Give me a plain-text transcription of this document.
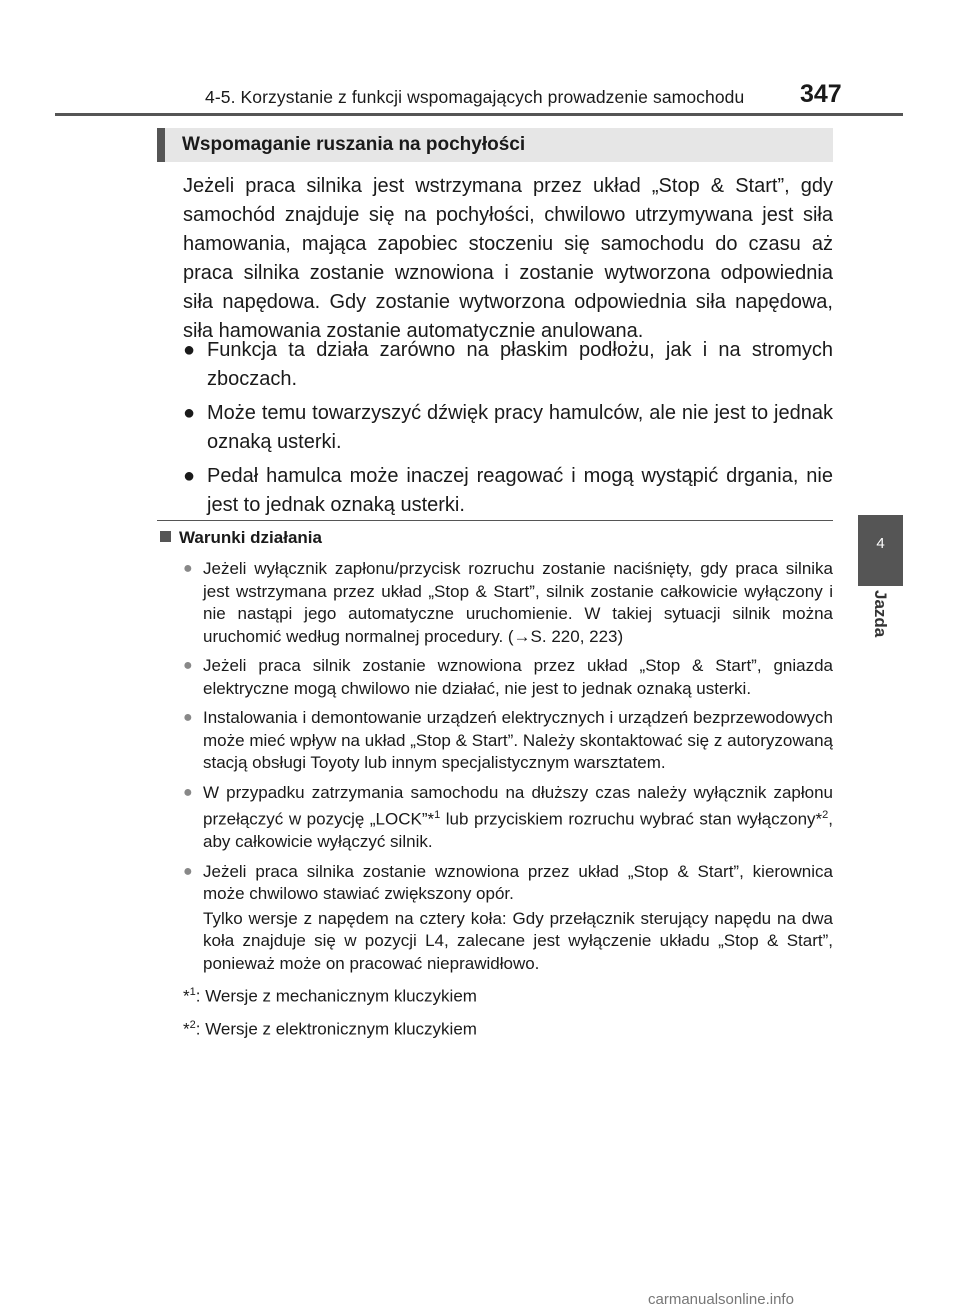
4-5. Korzystanie z funkcji wspomagających prowadzenie samochodu 347
4
Jazda
Wspomaganie ruszania na pochyłości

Jeżeli praca silnika jest wstrzymana przez układ „Stop & Start”, gdy samochód znajduje się na pochyłości, chwilowo utrzymywana jest siła hamowania, mająca zapobiec stoczeniu się samochodu do czasu aż praca silnika zostanie wznowiona i zostanie wytworzona odpowiednia siła napędowa. Gdy zostanie wytworzona odpowiednia siła napędowa, siła hamowania zostanie automatycznie anulowana.

● Funkcja ta działa zarówno na płaskim podłożu, jak i na stromych zboczach.
● Może temu towarzyszyć dźwięk pracy hamulców, ale nie jest to jednak oznaką usterki.
● Pedał hamulca może inaczej reagować i mogą wystąpić drgania, nie jest to jednak oznaką usterki.
Warunki działania
● Jeżeli wyłącznik zapłonu/przycisk rozruchu zostanie naciśnięty, gdy praca silnika jest wstrzymana przez układ „Stop & Start”, silnik zostanie całkowicie wyłączony i nie nastąpi jego automatyczne uruchomienie. W takiej sytuacji silnik można uruchomić według normalnej procedury. (→S. 220, 223)
● Jeżeli praca silnik zostanie wznowiona przez układ „Stop & Start”, gniazda elektryczne mogą chwilowo nie działać, nie jest to jednak oznaką usterki.
● Instalowania i demontowanie urządzeń elektrycznych i urządzeń bezprzewodowych może mieć wpływ na układ „Stop & Start”. Należy skontaktować się z autoryzowaną stacją obsługi Toyoty lub innym specjalistycznym warsztatem.
● W przypadku zatrzymania samochodu na dłuższy czas należy wyłącznik zapłonu przełączyć w pozycję „LOCK”*$^1$ lub przyciskiem rozruchu wybrać stan wyłączony*$^2$, aby całkowicie wyłączyć silnik.
● Jeżeli praca silnika zostanie wznowiona przez układ „Stop & Start”, kierownica może chwilowo stawiać zwiększony opór.
Tylko wersje z napędem na cztery koła: Gdy przełącznik sterujący napędu na dwa koła znajduje się w pozycji L4, zalecane jest wyłączenie układu „Stop & Start”, ponieważ może on pracować nieprawidłowo.
*$^1$: Wersje z mechanicznym kluczykiem
*$^2$: Wersje z elektronicznym kluczykiem
carmanualsonline.info
